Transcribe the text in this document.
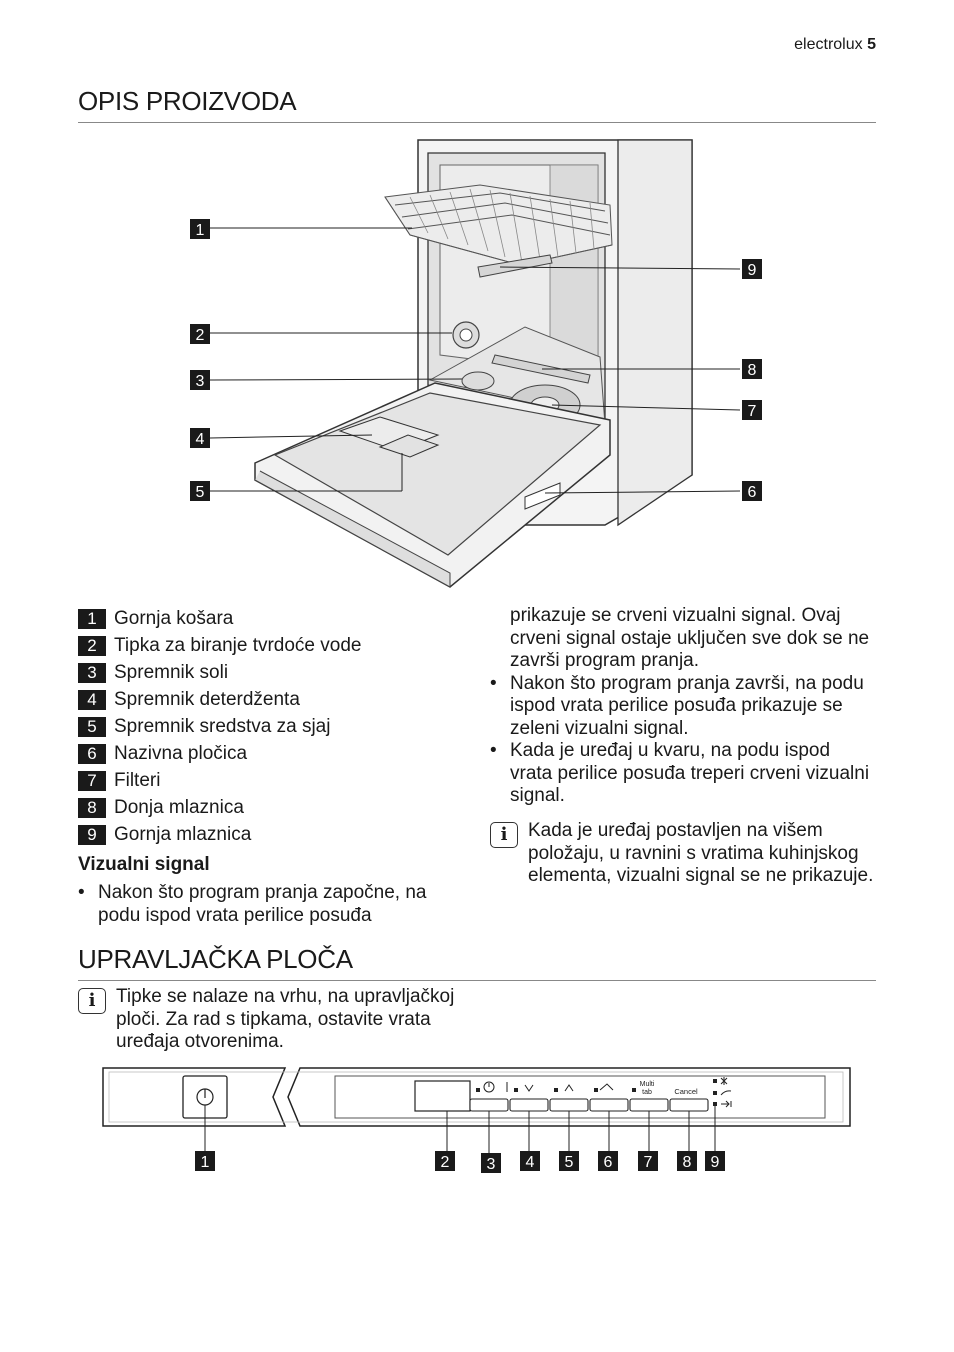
electrolux 5
OPIS PROIZVODA
1
2
3
4
5	6
7
8
9
1 Gornja košara
2 Tipka za biranje tvrdoće vode
3 Spremnik soli
4 Spremnik deterdženta
5 Spremnik sredstva za sjaj
6 Nazivna pločica
7 Filteri
8 Donja mlaznica
9 Gornja mlaznica
Vizualni signal
• Nakon što program pranja započne, na podu ispod vrata perilice posuđa
prikazuje se crveni vizualni signal. Ovaj crveni signal ostaje uključen sve dok se ne završi program pranja.
• Nakon što program pranja završi, na podu ispod vrata perilice posuđa prikazuje se zeleni vizualni signal.
• Kada je uređaj u kvaru, na podu ispod vrata perilice posuđa treperi crveni vizualni signal.
i	Kada je uređaj postavljen na višem položaju, u ravnini s vratima kuhinjskog elementa, vizualni signal se ne prikazuje.
UPRAVLJAČKA PLOČA
i	Tipke se nalaze na vrhu, na upravljačkoj ploči. Za rad s tipkama, ostavite vrata uređaja otvorenima.
Multi
tab	Cancel
1	2 3 4 5 6 7 8 9
